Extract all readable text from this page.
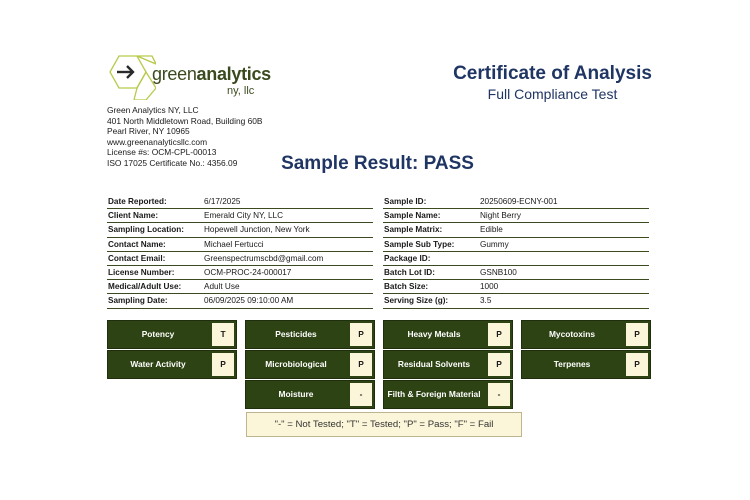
greenanalytics
ny, llc
Green Analytics NY, LLC
401 North Middletown Road, Building 60B
Pearl River, NY 10965
www.greenanalyticsllc.com
License #s: OCM-CPL-00013
ISO 17025 Certificate No.: 4356.09
Certificate of Analysis
Full Compliance Test
Sample Result: PASS
Date Reported:	6/17/2025
Client Name:	Emerald City NY, LLC
Sampling Location: Hopewell Junction, New York
Contact Name:	Michael Fertucci
Contact Email:	Greenspectrumscbd@gmail.com
License Number:	OCM-PROC-24-000017
Medical/Adult Use:	Adult Use
Sampling Date:	06/09/2025 09:10:00 AM
Sample ID:	20250609-ECNY-001
Sample Name:	Night Berry
Sample Matrix:	Edible
Sample Sub Type:	Gummy
Package ID:
Batch Lot ID:	GSNB100
Batch Size:	1000
Serving Size (g):	3.5
Potency	T	Pesticides	P	Heavy Metals	P	Mycotoxins	P
Water Activity	P	Microbiological	P	Residual Solvents	P	Terpenes	P
Moisture	-	Filth & Foreign Material	-
"-" = Not Tested; "T" = Tested; "P" = Pass; "F" = Fail
